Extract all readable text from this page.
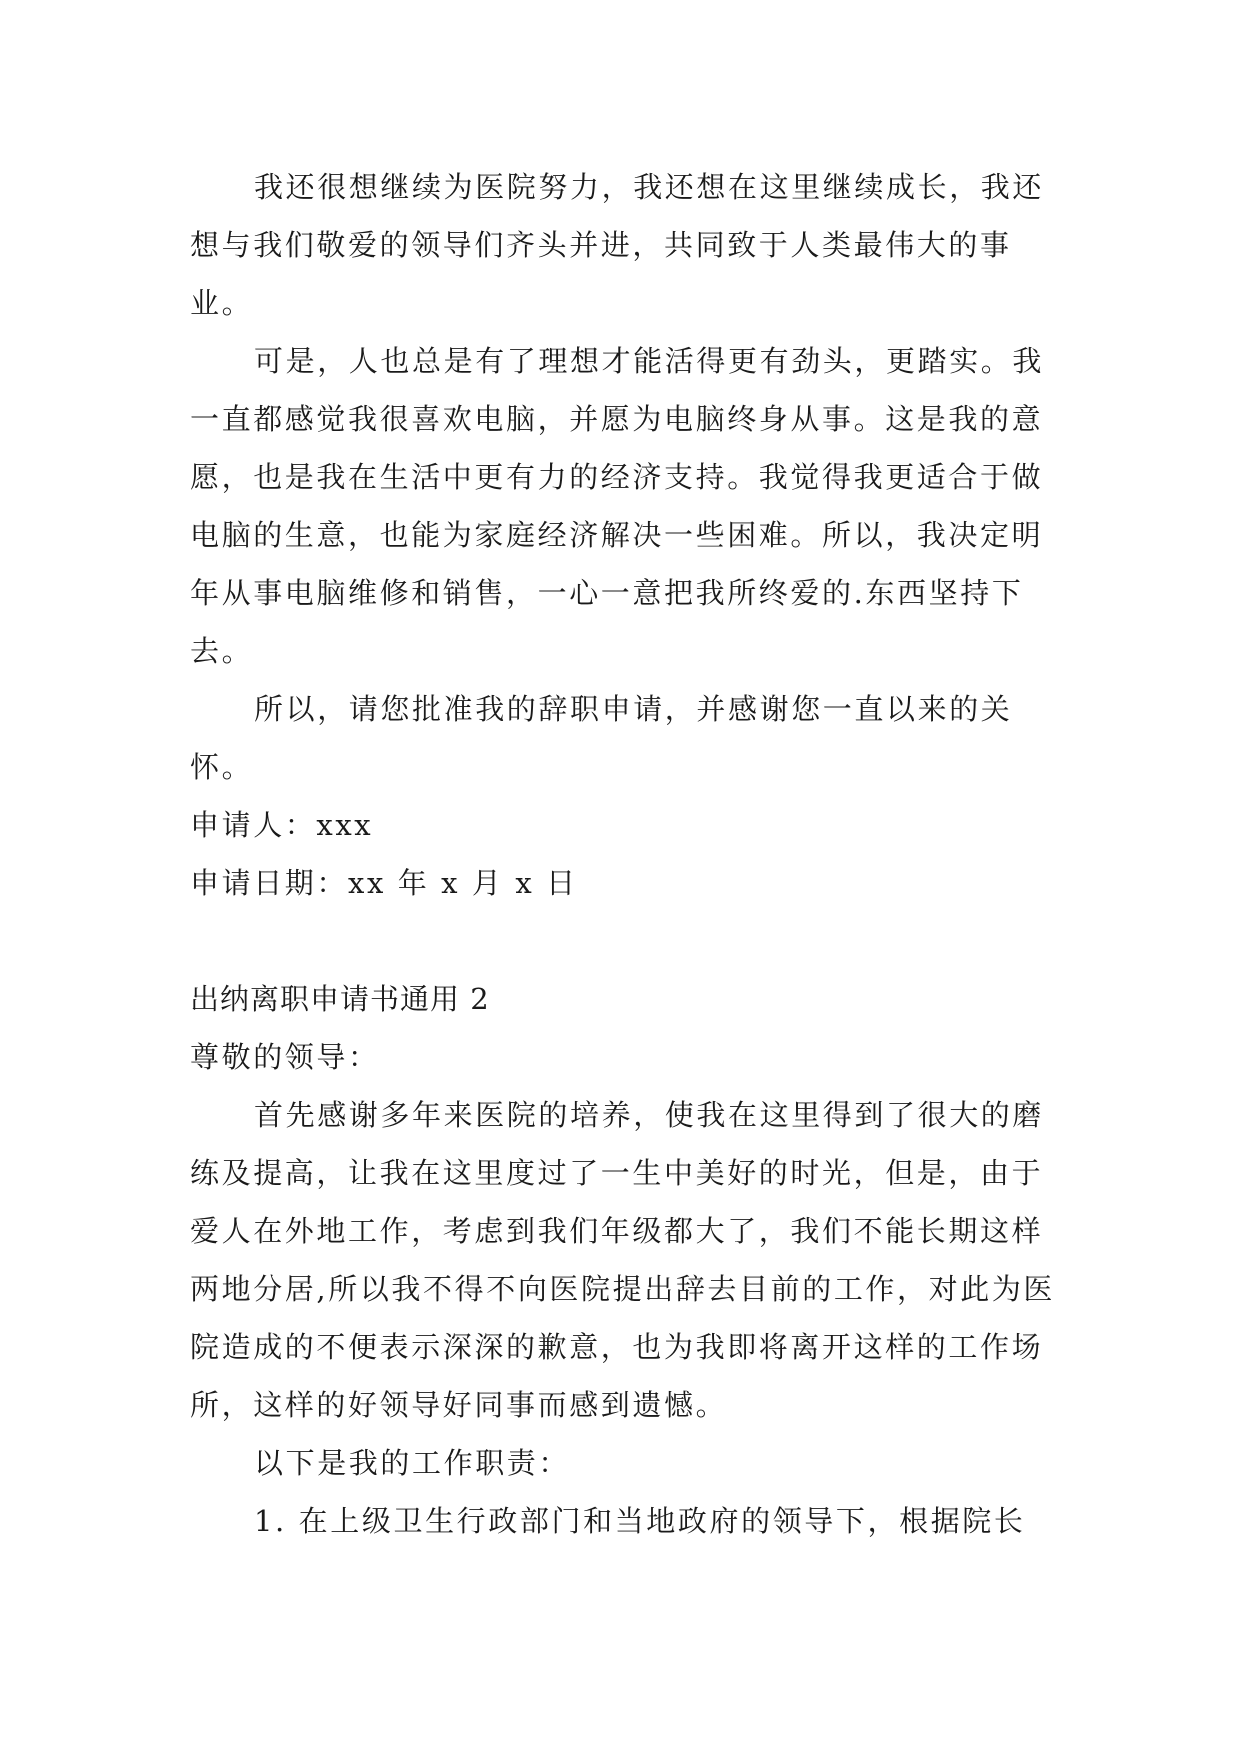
我还很想继续为医院努力，我还想在这里继续成长，我还想与我们敬爱的领导们齐头并进，共同致于人类最伟大的事业。

可是，人也总是有了理想才能活得更有劲头，更踏实。我一直都感觉我很喜欢电脑，并愿为电脑终身从事。这是我的意愿，也是我在生活中更有力的经济支持。我觉得我更适合于做电脑的生意，也能为家庭经济解决一些困难。所以，我决定明年从事电脑维修和销售，一心一意把我所终爱的.东西坚持下去。

所以，请您批准我的辞职申请，并感谢您一直以来的关怀。

申请人：xxx

申请日期：xx 年 x 月 x 日

出纳离职申请书通用 2

尊敬的领导：

首先感谢多年来医院的培养，使我在这里得到了很大的磨练及提高，让我在这里度过了一生中美好的时光，但是，由于爱人在外地工作，考虑到我们年级都大了，我们不能长期这样两地分居,所以我不得不向医院提出辞去目前的工作，对此为医院造成的不便表示深深的歉意，也为我即将离开这样的工作场所，这样的好领导好同事而感到遗憾。

以下是我的工作职责：

1. 在上级卫生行政部门和当地政府的领导下，根据院长
